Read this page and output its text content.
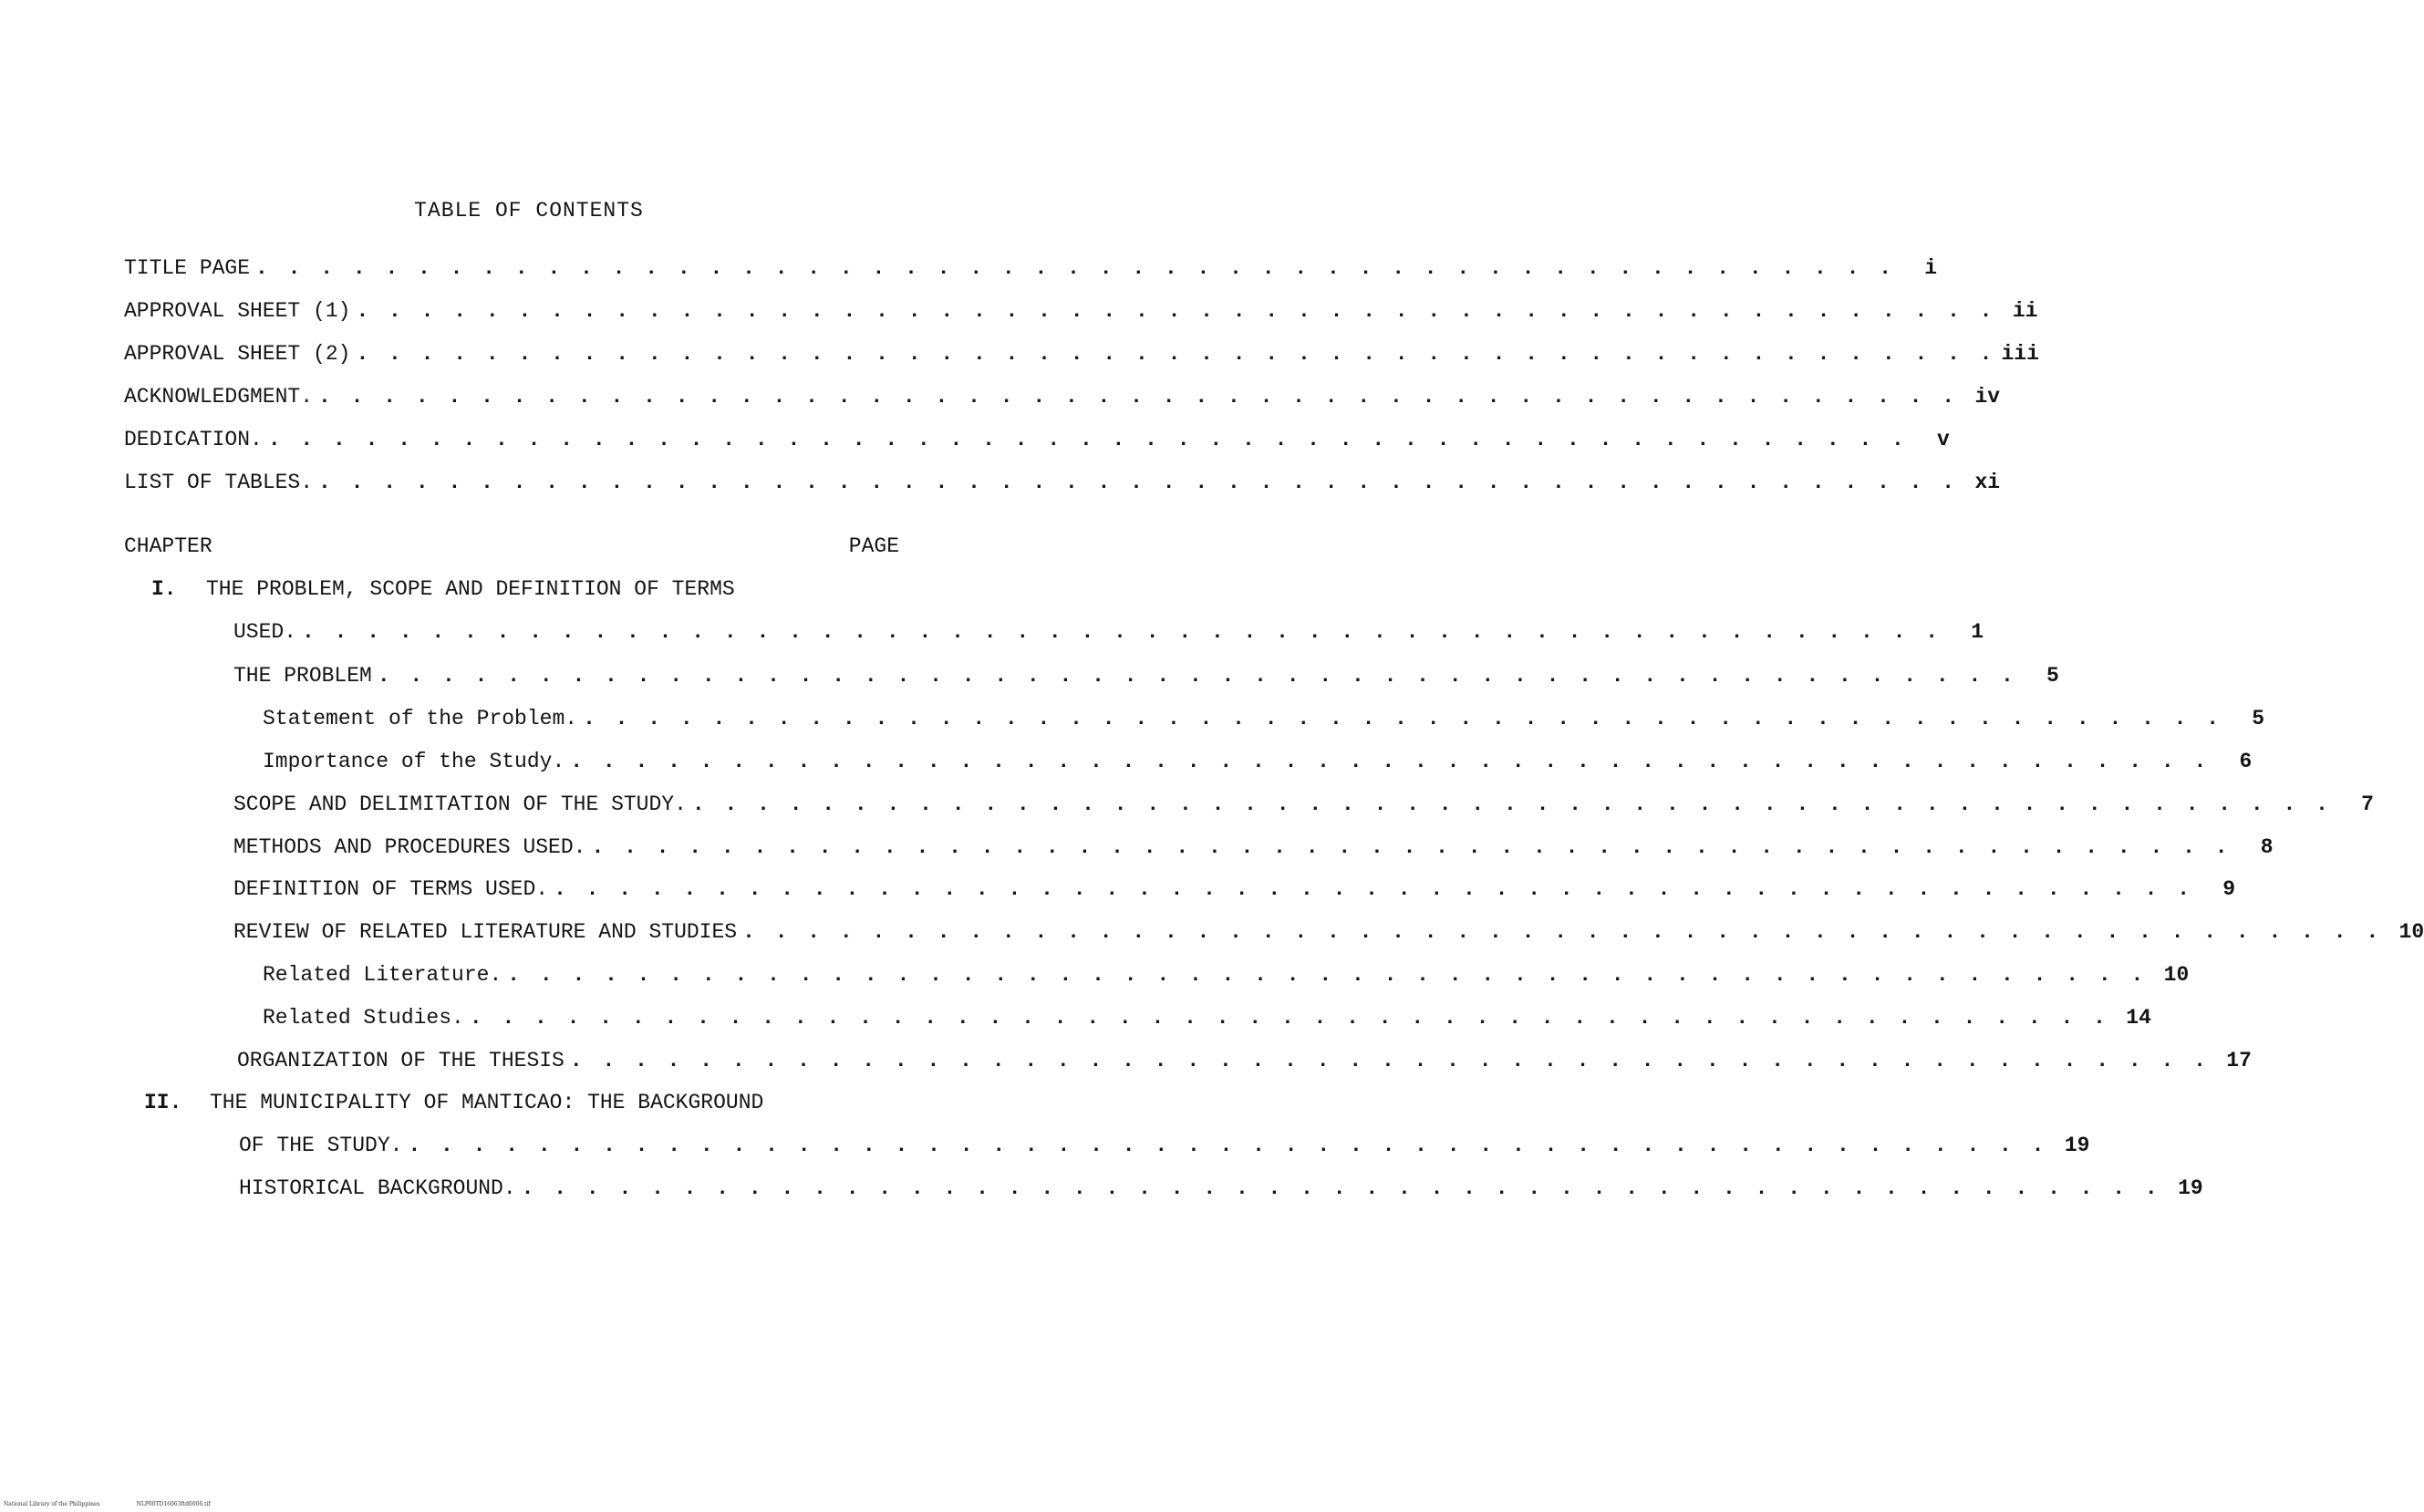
TABLE OF CONTENTS
TITLE PAGE . . . . . . . . . . . . . . . . . . . . . . . . . . . . . . . . . . . . . . . . . . . . . . . . . . .	i
APPROVAL SHEET (1) . . . . . . . . . . . . . . . . . . . . . . . . . . . . . . . . . . . . . . . . . . . . . . . . . . . ii
APPROVAL SHEET (2) . . . . . . . . . . . . . . . . . . . . . . . . . . . . . . . . . . . . . . . . . . . . . . . . . . . iii
ACKNOWLEDGMENT. . . . . . . . . . . . . . . . . . . . . . . . . . . . . . . . . . . . . . . . . . . . . . . . . . . . iv
DEDICATION. . . . . . . . . . . . . . . . . . . . . . . . . . . . . . . . . . . . . . . . . . . . . . . . . . . .	v
LIST OF TABLES. . . . . . . . . . . . . . . . . . . . . . . . . . . . . . . . . . . . . . . . . . . . . . . . . . . . xi
CHAPTER	PAGE
I. THE PROBLEM, SCOPE AND DEFINITION OF TERMS
USED. . . . . . . . . . . . . . . . . . . . . . . . . . . . . . . . . . . . . . . . . . . . . . . . . . . .	1
THE PROBLEM . . . . . . . . . . . . . . . . . . . . . . . . . . . . . . . . . . . . . . . . . . . . . . . . . . .	5
Statement of the Problem. . . . . . . . . . . . . . . . . . . . . . . . . . . . . . . . . . . . . . . . . . . . . . . . . . . .	5
Importance of the Study. . . . . . . . . . . . . . . . . . . . . . . . . . . . . . . . . . . . . . . . . . . . . . . . . . . .	6
SCOPE AND DELIMITATION OF THE STUDY. . . . . . . . . . . . . . . . . . . . . . . . . . . . . . . . . . . . . . . . . . . . . . . . . . . .	7
METHODS AND PROCEDURES USED. . . . . . . . . . . . . . . . . . . . . . . . . . . . . . . . . . . . . . . . . . . . . . . . . . . .	8
DEFINITION OF TERMS USED. . . . . . . . . . . . . . . . . . . . . . . . . . . . . . . . . . . . . . . . . . . . . . . . . . . .	9
REVIEW OF RELATED LITERATURE AND STUDIES . . . . . . . . . . . . . . . . . . . . . . . . . . . . . . . . . . . . . . . . . . . . . . . . . . . 10
Related Literature. . . . . . . . . . . . . . . . . . . . . . . . . . . . . . . . . . . . . . . . . . . . . . . . . . . . 10
Related Studies. . . . . . . . . . . . . . . . . . . . . . . . . . . . . . . . . . . . . . . . . . . . . . . . . . . . 14
ORGANIZATION OF THE THESIS . . . . . . . . . . . . . . . . . . . . . . . . . . . . . . . . . . . . . . . . . . . . . . . . . . . 17
II. THE MUNICIPALITY OF MANTICAO: THE BACKGROUND
OF THE STUDY. . . . . . . . . . . . . . . . . . . . . . . . . . . . . . . . . . . . . . . . . . . . . . . . . . . . 19
HISTORICAL BACKGROUND. . . . . . . . . . . . . . . . . . . . . . . . . . . . . . . . . . . . . . . . . . . . . . . . . . . . 19
National Library of the Philippines	NLP00TD16063ftd0006.tif
